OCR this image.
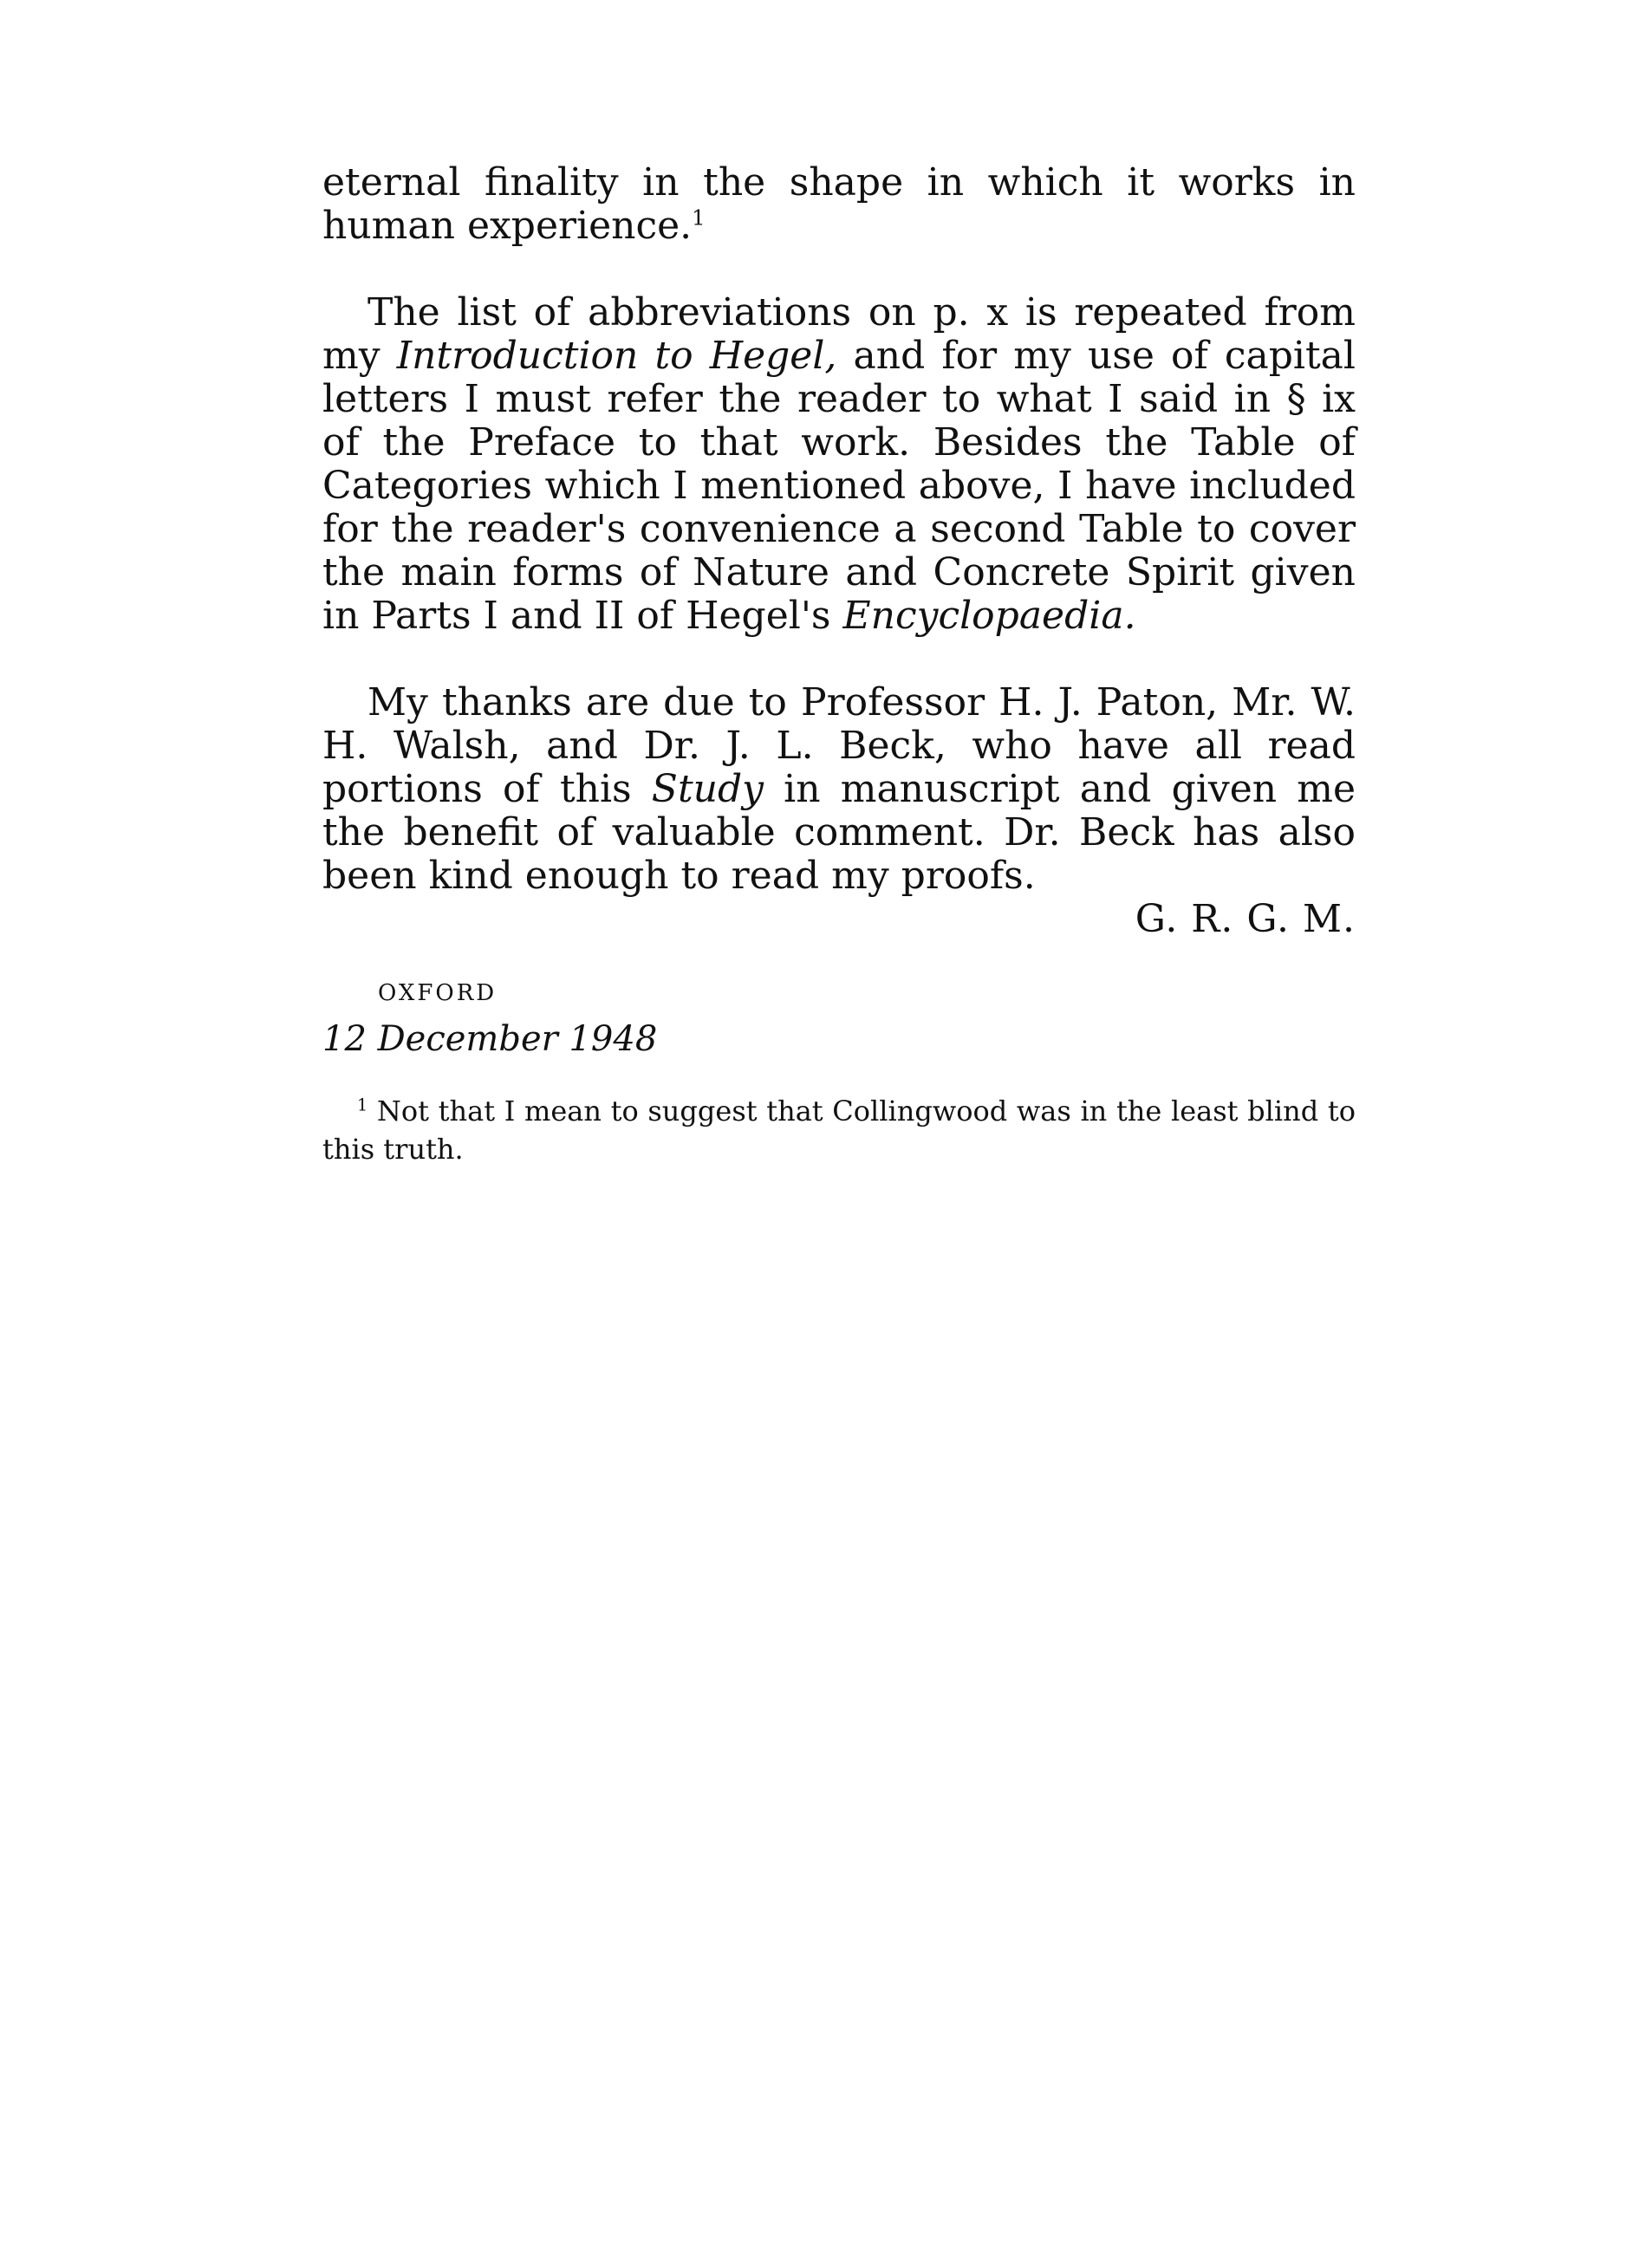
eternal finality in the shape in which it works in human experience.$^1$

The list of abbreviations on p. x is repeated from my Introduction to Hegel, and for my use of capital letters I must refer the reader to what I said in § ix of the Preface to that work. Besides the Table of Categories which I mentioned above, I have included for the reader's convenience a second Table to cover the main forms of Nature and Concrete Spirit given in Parts I and II of Hegel's Encyclopaedia.

My thanks are due to Professor H. J. Paton, Mr. W. H. Walsh, and Dr. J. L. Beck, who have all read portions of this Study in manuscript and given me the benefit of valuable comment. Dr. Beck has also been kind enough to read my proofs.

G. R. G. M.
OXFORD
12 December 1948
$^1$ Not that I mean to suggest that Collingwood was in the least blind to this truth.
